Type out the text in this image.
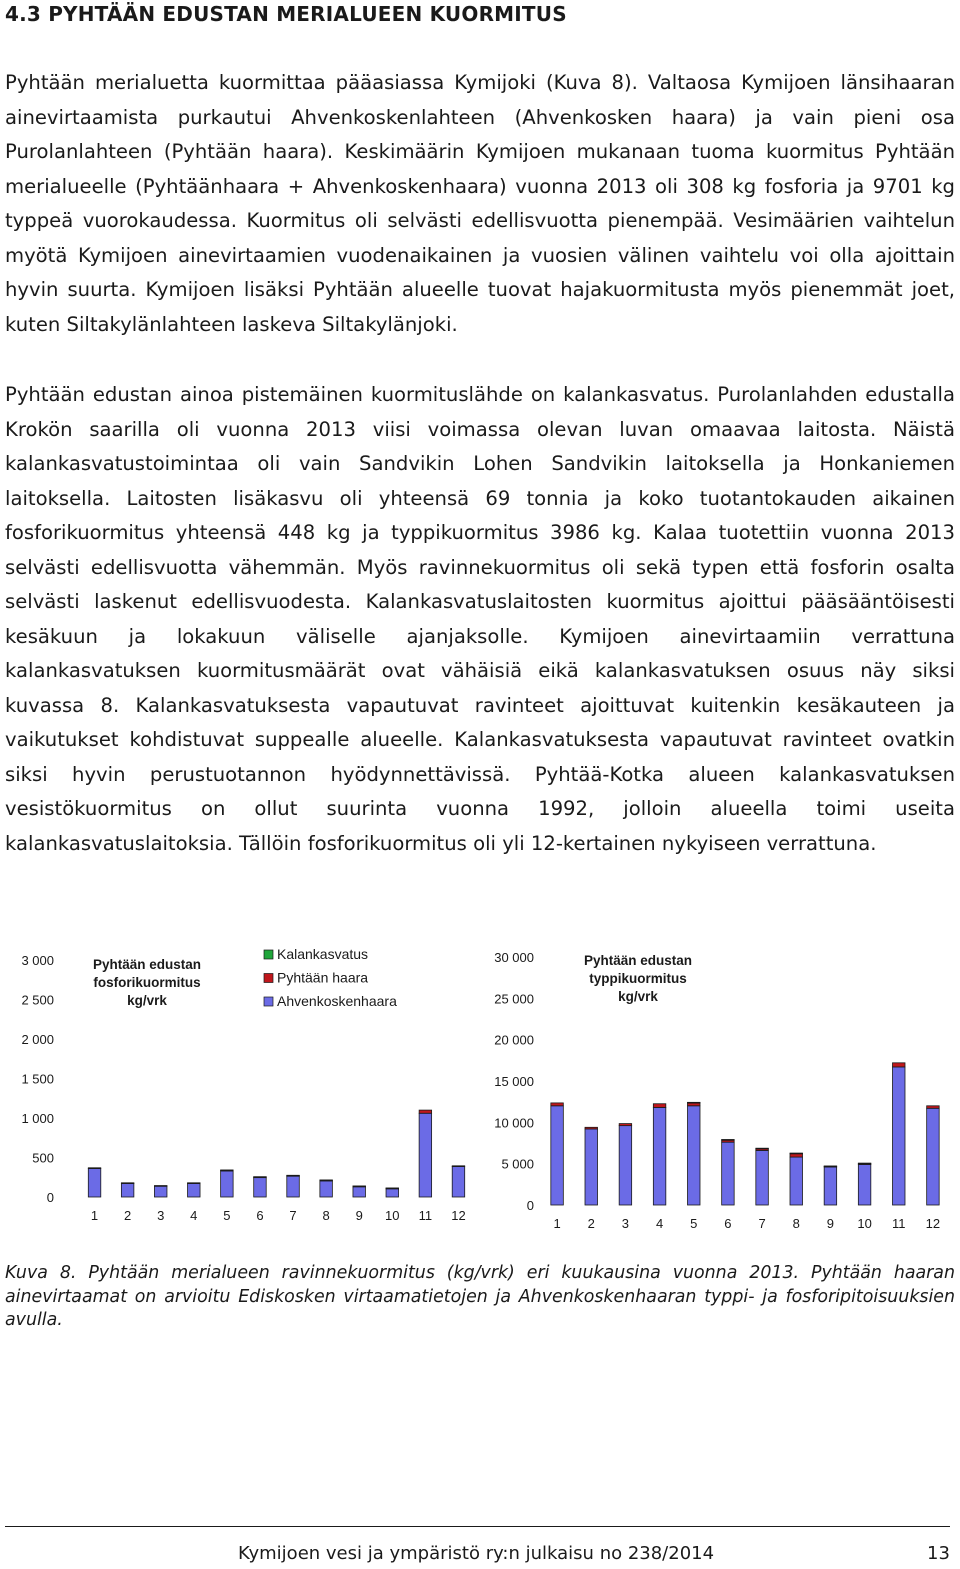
4.3 PYHTÄÄN EDUSTAN MERIALUEEN KUORMITUS

Pyhtään merialuetta kuormittaa pääasiassa Kymijoki (Kuva 8). Valtaosa Kymijoen länsihaaran ainevirtaamista purkautui Ahvenkoskenlahteen (Ahvenkosken haara) ja vain pieni osa Purolanlahteen (Pyhtään haara). Keskimäärin Kymijoen mukanaan tuoma kuormitus Pyhtään merialueelle (Pyhtäänhaara + Ahvenkoskenhaara) vuonna 2013 oli 308 kg fosforia ja 9701 kg typpeä vuorokaudessa. Kuormitus oli selvästi edellisvuotta pienempää. Vesimäärien vaihtelun myötä Kymijoen ainevirtaamien vuodenaikainen ja vuosien välinen vaihtelu voi olla ajoittain hyvin suurta. Kymijoen lisäksi Pyhtään alueelle tuovat hajakuormitusta myös pienemmät joet, kuten Siltakylänlahteen laskeva Siltakylänjoki.

Pyhtään edustan ainoa pistemäinen kuormituslähde on kalankasvatus. Purolanlahden edustalla Krokön saarilla oli vuonna 2013 viisi voimassa olevan luvan omaavaa laitosta. Näistä kalankasvatustoimintaa oli vain Sandvikin Lohen Sandvikin laitoksella ja Honkaniemen laitoksella. Laitosten lisäkasvu oli yhteensä 69 tonnia ja koko tuotantokauden aikainen fosforikuormitus yhteensä 448 kg ja typpikuormitus 3986 kg. Kalaa tuotettiin vuonna 2013 selvästi edellisvuotta vähemmän. Myös ravinnekuormitus oli sekä typen että fosforin osalta selvästi laskenut edellisvuodesta. Kalankasvatuslaitosten kuormitus ajoittui pääsääntöisesti kesäkuun ja lokakuun väliselle ajanjaksolle. Kymijoen ainevirtaamiin verrattuna kalankasvatuksen kuormitusmäärät ovat vähäisiä eikä kalankasvatuksen osuus näy siksi kuvassa 8. Kalankasvatuksesta vapautuvat ravinteet ajoittuvat kuitenkin kesäkauteen ja vaikutukset kohdistuvat suppealle alueelle. Kalankasvatuksesta vapautuvat ravinteet ovatkin siksi hyvin perustuotannon hyödynnettävissä. Pyhtää-Kotka alueen kalankasvatuksen vesistökuormitus on ollut suurinta vuonna 1992, jolloin alueella toimi useita kalankasvatuslaitoksia. Tällöin fosforikuormitus oli yli 12-kertainen nykyiseen verrattuna.

0
500
1 000
1 500
2 000
2 500
3 000	Pyhtään edustan
fosforikuormitus
kg/vrk
1 2 3 4 5 6 7 8 9 10 11 12
Kalankasvatus
Pyhtään haara
Ahvenkoskenhaara
0
5 000
10 000
15 000
20 000
25 000
30 000	Pyhtään edustan
typpikuormitus
kg/vrk
1 2 3 4 5 6 7 8 9 10 11 12

Kuva 8. Pyhtään merialueen ravinnekuormitus (kg/vrk) eri kuukausina vuonna 2013. Pyhtään haaran ainevirtaamat on arvioitu Ediskosken virtaamatietojen ja Ahvenkoskenhaaran typpi- ja fosforipitoisuuksien avulla.

Kymijoen vesi ja ympäristö ry:n julkaisu no 238/2014	13
